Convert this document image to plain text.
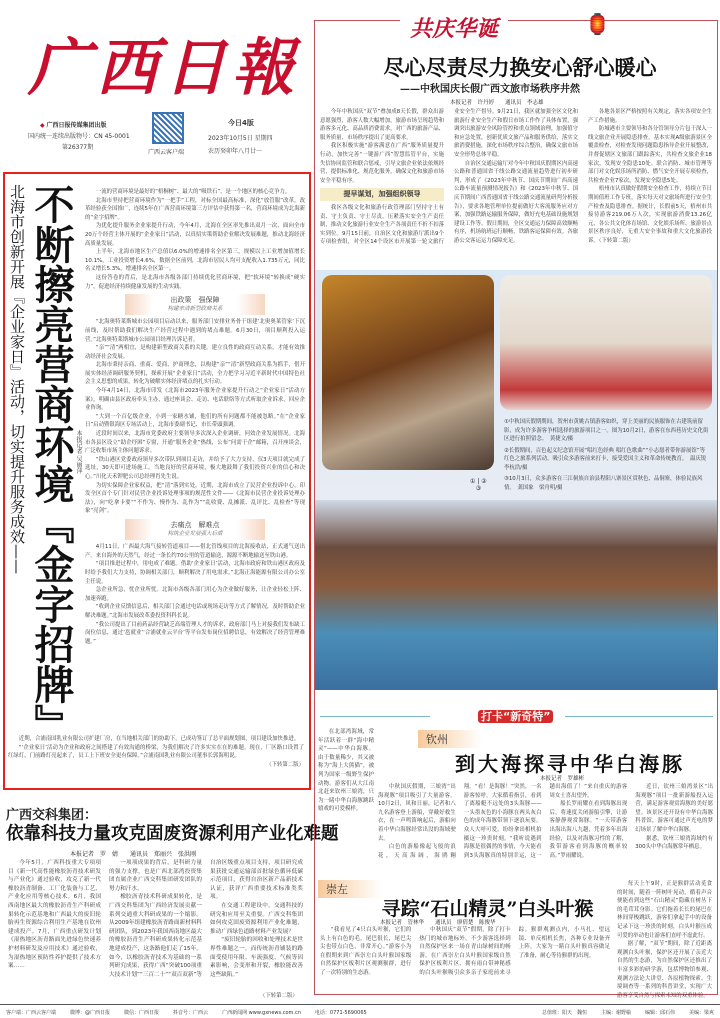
广西日報
◆ 广西日报传媒集团出版
国内统一连续出版物号：CN 45-0001
第26377期
广西云客户端
今日4版
2023年10月5日 星期四
农历癸卯年八月廿一
北海市创新开展『企业家日』活动，切实提升服务成效—— 不断擦亮营商环境『金字招牌』 本报记者 吴丽萍

一流的营商环境是最好的“梧桐树”、最大的“吸铁石”，是一个地区的核心竞争力。

北海市坚持把营商环境作为“一把手”工程，对标全国最高标准，深化“放管服”改革，改革经验获全国推广，连续5年在广西营商环境第三方评估中获得第一名，营商环境成为北海新的“金字招牌”。

为优化提升服务企业家提升行动，今年4月，北海在全区率先推出双月一次、面向全市20万个经营主体开展的“企业家日”活动，以真招实策帮助企业解决发展难题，推动北海经济高质量发展。

上半年，北海市地区生产总值以6.0%的增速排名全区第三，规模以上工业增加值增长10.1%，工业投资增长4.6%，数据全区前列，北海市居民人均可支配收入1.735万元，同比名义增长5.3%，增速排名全区第一。

这份答卷的背后，是北海市各级各部门持续优化营商环境，把“软环境”转换成“硬实力”，促进经济持续健康发展的生动实践。

出政策　强保障
构建亲清新型政商关系

“北海奥特莱斯城市公园项目启动以来，服务部门安排业务骨干组建‘北奥奥莱管家’下沉前线，及时帮助我们解决生产经营过程中遇到的堵点难题。6月30日，项目顺利投入运营。”北海奥特莱斯城市公园项目经理告诉记者。

“亲”“清”两相宜，是构建新型政商关系的关键。建立良性的政商互动关系，才能有效推动经济社会发展。

北海市秉持亲商、重商、爱商、护商理念，以构建“亲”“清”新型政商关系为抓手，借开展实体经济调研服务契机，探索开展“企业家日”活动，全力把学习习近平新时代中国特色社会主义思想的成果，转化为破解实体经济堵点的扎实行动。

今年4月14日，北海市印发《北海市2023年服务企业家提升行动之“企业家日”活动方案》，明确由县区政府牵头主办，通过座谈会、走访、电话联络等方式听取企业诉求，回应企业咨询。

“大到一个百亿级企业，小到一家糖水铺，他们的所有问题都不能被忽略。”在“企业家日”启动暨银海区专场活动上，北海市委副书记、市长带頭强调。

近段时间以来，北海市党委政府主要领导多次深入企业调研，问效企业发展情况。北海市各县区设立“助企纾困”专窗，开通“服务企业”热线，公布“问需于企”邮箱，召开座谈会，广泛收集市场主体问题诉求。

“铁山港区党委政府领导多次带队到项目走访，并给予了大力支持，仅3天项目就完成了选址，30天即可进场施工。当地良好的营商环境，极大地鼓舞了我们投资兴业的信心和决心。”川化天禾钾肥公司总经理肖先生说。

为切实保障企业家权益，把“清”落到实处，近期，北海市成立了民营企业投诉中心，印发全区首个专门针对民营企业投诉处理事项的规范性文件——《北海市民营企业投诉处理办法》，向“吃拿卡要”“不作为、慢作为、乱作为”“乱收费、乱摊派、乱评比、乱检查”等现象“亮剑”。

去痛点　解难点
构筑企业发展强大后盾

4月11日，广西最大海气接转管道项目——借北管线项目的北海接收站，正式通气送出产。来自海外的天然气，经过一条长约70公里的管道输送，源源不断地输送至铁山港。

“项目推进过程中，用电成了难题。借助‘企业家日’活动，北海市政府和铁山港区政府及时给予我们大力支持，协调相关部门，顺利解决了用电需求。”北海正海能源有限公司办公室主任说。

急企业所急，忧企业所忧。北海市各级各部门用心为企业做好服务，让企业轻松上阵、加速奔跑。

“收到企业反馈信息后，相关部门会通过电话或现场走访等方式了解情况，及时帮助企业解决难题。”北海市发展改革委投资科科长说。

“我公司提出了目前药品经营缺乏高端管理人才的诉求，政府部门马上对接我们发布缺工岗位信息，通过‘邕就业’‘合浦就业云平台’等平台发布岗位招聘信息，有效解决了经营管理难题。”

近期，合浦南国乳业有限公司扩建厂房，在当地相关部门的协助下，已成功签订了总平面规划图，项目建设加快推进。

“‘企业家日’活动为企业和政府之间搭建了有效沟通的桥梁，为我们解决了许多实实在在的难题。现在，厂区路口设置了红绿灯，门前路灯亮起来了，员工上下班安全更有保障。”合浦南国乳业有限公司董事长郭海明说。

（下转第二版）
广西交科集团：
依靠科技力量攻克固废资源利用产业化难题
本报记者　罗　婧　　通讯员　郑丽兴　张洪刚

今年5月，广西科技重大专项项目《新一代高性能橡胶沥青技术研发与产业化》通过验收，攻克了新一代橡胶沥青制备、工厂化装备与工艺、产业化应用等核心技术。6月，我国西南地区最大的橡胶沥青生产科研成果转化示范基地和广西最大的废旧轮胎再生资源综合利用生产基地在钦州建成投产。7月，广西重点研发计划《湿热地区沥青路面先进绿色快速养护材料研发及应用技术》通过验收，为湿热地区预防性养护提供了技术方案……

一项项成果的背后，是科研力量的强力支撑，也是广西北部湾投资集团直属企业广西交科集团研发团队的努力和汗水。

橡胶沥青技术科研成果转化，是广西交科集团为广西经济发展贡献一系列交通重大科研成果的一个缩影。从2009年组建橡胶沥青路面新材料科研团队，到2023年我国西南地区最大的橡胶沥青生产科研成果转化示范基地建成投产，这条路他们走了15年。如今，以橡胶沥青技术为基础的一系列研究成果，获得广西“突破100项重大技术计划”“三百二十”“双百双新”等自治区级重点项目支持，项目研究成果获批交通运输部首批绿色循环低碳示范项目，获得自治区新产品新技术认证，获评广西重要技术标准类奖项。

在交通工程建设中，交通科技的研究和应用至关重要。广西交科集团如何攻克固废资源利用产业化难题，推动广西绿色道路材料产业发展？

“废旧轮胎的回收和处理技术是世界性难题之一，而传统沥青铺装的路面受使用年限、车流强度、气候等因素影响，会变形和开裂，橡胶能改善这些缺陷。”

（下转第二版）
共庆华诞	🏮
尽心尽责尽力换安心舒心暖心
——中秋国庆长假广西文旅市场秩序井然
本报记者　许丹婷　　通讯员　李志雄

今年中秋国庆“双节”叠加成8天长假，群众出游意愿强烈，游客人数大幅增加，旅游市场呈现趋势和游客多元化、高品质消费需求，对广西的旅游产品、服务质量、市场秩序提出了更高要求。

我区积极实施“游客满意在广西”服务质量提升行动，加快完善“一键游广西”智慧监管平台，实施失信协同监管和联合惩戒，引导文旅企业依法依规经营，提供标准化、规范化服务，确保文化和旅游市场安全平稳有序。

提早谋划，加强组织领导

我区各级文化和旅游行政管理部门坚持守土有责、守土负责、守土尽责，压紧落实安全生产责任制，推动文化旅游行业安全生产各项责任不折不扣落实到位。9月15日前，自治区文化和旅游厅派出9个专项检查组，对全区14个设区市开展第一轮文旅行业安全生产督导。9月21日，我区就加强全区文化和旅游行业安全生产和假日市场工作作了具体布置，强调突出旅游安全风险管控和重点领域治理，加强值守和应急处置，创新优质文旅产品和服务供给，落实文旅消费措施，深化市场秩序综合整治，确保文旅市场安全形势总体平稳。

自治区交通运输厅对今年中秋国庆假期区内高速公路和普通国省干线公路交通流量趋势进行初步研判，形成了《2023年中秋节、国庆节期间广西高速公路车流量预测情况报告》和《2023年中秋节、国庆节期间广西普通国省干线公路交通流量研判分析报告》，要求各地管理单位提前做好大客流服务应对方案，加强铁路运输服务保障，做好充电基础设施规划建设工作等。假日期间，全区交通运力保障高效顺畅有序，机场航班运行顺畅，铁路客运保障有效。各旅游公交客运运力保障充足。

各地各景区严格按照有关规定，落实各项安全生产工作措施。

防城港市主要领导和各分管领导分片包干深入一线文旅企业开展隐患排查，基本实现A级旅游景区全覆盖检查，对检查发现问题隐患指导企业开展整改，并督促辖区文旅部门跟踪落实，共检查文旅企业18家次，发现安全隐患10处。联合消防、城市管理等部门对文化娱乐场所消防、燃气安全开展专项检查，共检查企业7家次，发现安全隐患5处。

梧州市认真做好假期安全检查工作，持续立节日期间值班工作专班，落实每天对文旅场所进行安全生产检查及隐患排查。据统计，长假前5天，梧州市共接待游客219.06万人次，实现旅游消费13.26亿元，各公共文化体育场馆、文化娱乐场所、旅游景点景区秩序良好，无重大安全事故和重大文化旅游投诉。（下转第二版）

①中秋国庆假期期间，贺州市黄姚古镇游客如织，穿上美丽的民族服饰在古建筑前留影，成为许多游客争相选择的旅游项目之一。图为10月2日，游客在东西巷历史文化街区进行拍照留念。　黄捷文/摄

②长假期间，百色起义纪念馆开展“唱红色经典 唱红色歌曲”“小志愿者带你游展馆”等红色之旅系列活动，吸引众多游客前来打卡，接受爱国主义和革命传统教育。　温庆锐　李杭浩/摄

③10月3日，众多游客在三江侗族自治县程阳八寨景区赏秋色、品侗寨，体验民族风情。　龚国象　梁舟明/摄

① | ②
③
打卡“新奇特”

在北部湾海域，常年活跃着一群“海中精灵”——中华白海豚。由于数量稀少，其又被称为“海上大熊猫”，被列为国家一级野生保护动物。游客们从大江南北赶来钦州三娘湾，只为一睹中华白海豚跳跃嬉戏的可爱模样。

钦州
到大海探寻中华白海豚
本报记者　罗雄彬

中秋国庆假期，三娘湾“出海观豚”项目吸引了大量游客。10月2日，风和日丽，记者和八九名游客登上游船，穿戴好救生衣，在一声鸣笛响起后，游船向着中华白海豚经常出没的海域驶去。

白色的游船像起飞般的浪花，天高海阔，海鸥翱翔。“看！是海豚！”突然，一名游客惊呼。大家循着指引，看到了离船艇不远处的3头海豚——一头墨灰色的小海豚在两头灰白色的成年海豚带领下逐浪玩耍。众人大呼可爱，纷纷拿出相机拍摄这一珍贵时刻。“我听说遇到海豚是很偶然的事情，今天能看到3头海豚真的特别幸运，这一趟出海值了！”来自重庆的游客周女士喜出望外。

船长罗雨耀在看到海豚出现后，将速度关闭游船引擎，让游客静静观赏海豚。“一天带游客出海出海八九趟，凭着多年出海经验，以及对海豚习性的了解，我带游客看到海豚的概率较高。”罗雨耀说。

近日，钦州三娘湾景区“出海观豚”项目一批新游船投入运营，满足游客观赏海豚的美好愿望。该景区还开设有中华白海豚科普馆，游客可通过声光电的梦幻场景了解中华白海豚。

据悉，钦州三娘湾海域约有300头中华白海豚常年栖息。

崇左
寻踪“石山精灵”白头叶猴
本报记者　管林华　　通讯员　廖倩楚　陈俊华

“我看见了4只白头叶猴，它们的头上有白色的毛，尾巴很长，尾巴尖尖也带点白色，非常开心。”游客小为在假期来到广西崇左白头叶猴国家级自然保护区板利片区观测猴群，进行了一次特别的生态游。

中秋国庆“双节”假期，除了打卡热门的城市地标外，不少游客选择到自然保护区来一场在青山绿树间的畅游。在广西崇左白头叶猴国家级自然保护区板利片区，拥有雨白带神秘感的白头叶猴吸引众多亲子家庭前来寻踪。猴群观测点内，小马扎、望远镜、单反相机长焦，各种专业设备齐上阵，大家为一睹白头叶猴真容做足了准备，耐心等待猴群的出现。

每天上午9时，正是猴群活动觅食的时间，随着一阵树叶晃动，循着声音便能看到这些“石山精灵”隐藏在树丛下的毛茸茸身影。它们拖着长长的尾巴在林间穿梭跳跃，游客们拿起手中的设备记录下这一珍贵的时刻，白头叶猴压成可爱的举动也让游客们直呼不虚此行。

据了解，“双节”期间，除了近距离观测白头叶猴，保护区还开展了亲近大自然的生态游，为自然保护区还推出了丰富多彩的研学游，包括博物馆参观、观测方法论大讲堂、各原植物探索、生境调查等一系列的科普讲堂，实现广大游客享受自然与探索未知的双重体验。

客户端：广西云客户端	微博：@广西日报	微信：广西日报	抖音号：广西云	广西新闻网 www.gxnews.com.cn	电话：0771-5690065	总值班：阳天　魏恒	主编：谢野榆	编辑：邱石伟	美编：梁爽
